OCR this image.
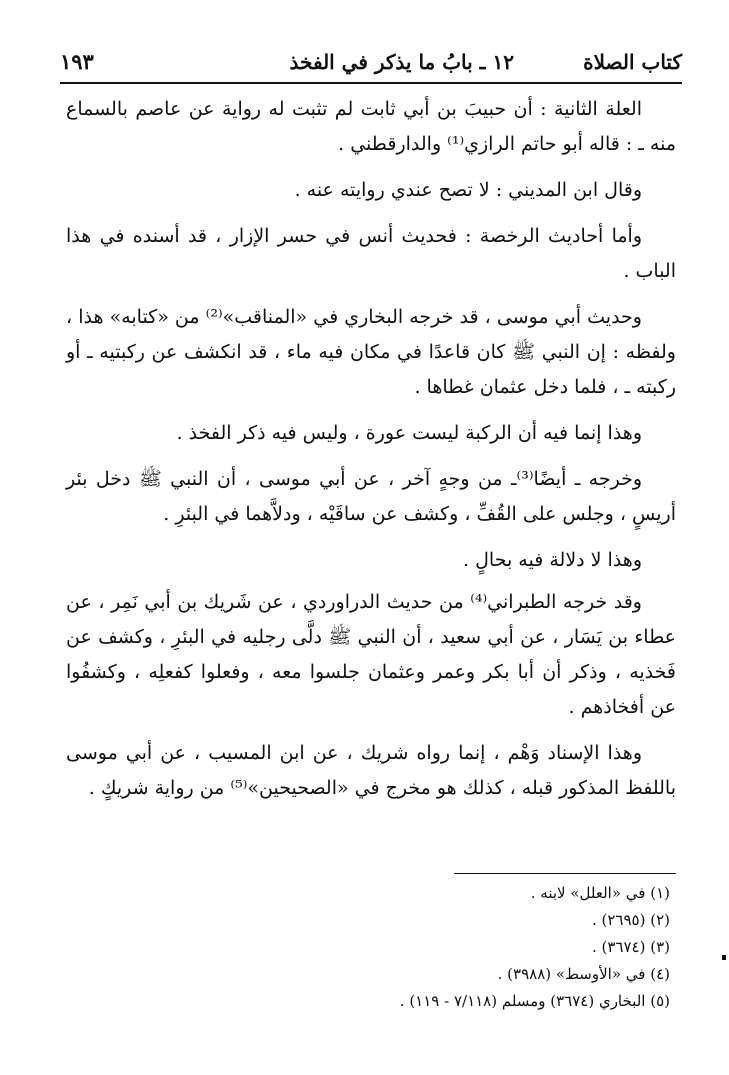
كتاب الصلاة
١٢ ـ بابُ ما يذكر في الفخذ
١٩٣

العلة الثانية : أن حبيبَ بن أبي ثابت لم تثبت له رواية عن عاصم بالسماع منه ـ : قاله أبو حاتم الرازي⁽¹⁾ والدارقطني .

وقال ابن المديني : لا تصح عندي روايته عنه .

وأما أحاديث الرخصة : فحديث أنس في حسر الإزار ، قد أسنده في هذا الباب .

وحديث أبي موسى ، قد خرجه البخاري في «المناقب»⁽²⁾ من «كتابه» هذا ، ولفظه : إن النبي ﷺ كان قاعدًا في مكان فيه ماء ، قد انكشف عن ركبتيه ـ أو ركبته ـ ، فلما دخل عثمان غطاها .

وهذا إنما فيه أن الركبة ليست عورة ، وليس فيه ذكر الفخذ .

وخرجه ـ أيضًا⁽³⁾ـ من وجهٍ آخر ، عن أبي موسى ، أن النبي ﷺ دخل بئر أريسٍ ، وجلس على القُفِّ ، وكشف عن ساقَيْه ، ودلاَّهما في البئرِ .

وهذا لا دلالة فيه بحالٍ .

وقد خرجه الطبراني⁽⁴⁾ من حديث الدراوردي ، عن شَريك بن أبي نَمِر ، عن عطاء بن يَسَار ، عن أبي سعيد ، أن النبي ﷺ دلَّى رجليه في البئرِ ، وكشف عن فَخذيه ، وذكر أن أبا بكر وعمر وعثمان جلسوا معه ، وفعلوا كفعلِه ، وكشفُوا عن أفخاذهم .

وهذا الإسناد وَهْم ، إنما رواه شريك ، عن ابن المسيب ، عن أبي موسى باللفظ المذكور قبله ، كذلك هو مخرج في «الصحيحين»⁽⁵⁾ من رواية شريكٍ .

(١) في «العلل» لابنه .

(٢) (٢٦٩٥) .

(٣) (٣٦٧٤) .

(٤) في «الأوسط» (٣٩٨٨) .

(٥) البخاري (٣٦٧٤) ومسلم (٧/١١٨ - ١١٩) .
